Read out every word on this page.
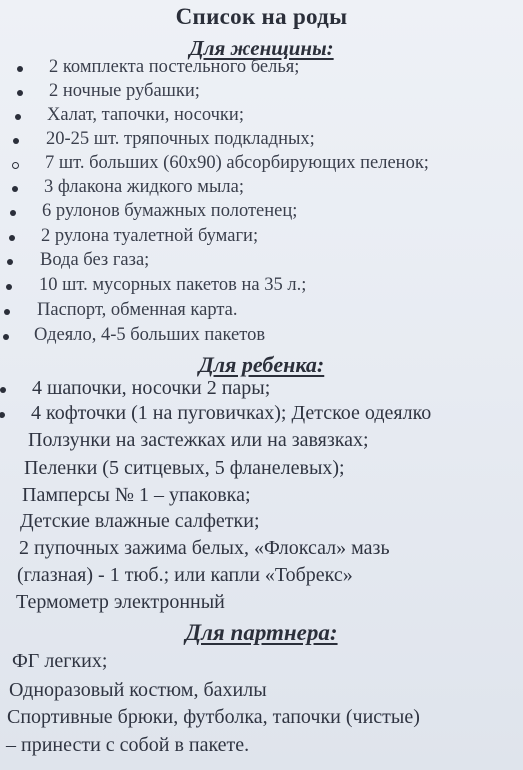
Список на роды
Для женщины:
2 комплекта постельного белья;
2 ночные рубашки;
Халат, тапочки, носочки;
20-25 шт. тряпочных подкладных;
7 шт. больших (60х90) абсорбирующих пеленок;
3 флакона жидкого мыла;
6 рулонов бумажных полотенец;
2 рулона туалетной бумаги;
Вода без газа;
10 шт. мусорных пакетов на 35 л.;
Паспорт, обменная карта.
Одеяло, 4-5 больших пакетов
Для ребенка:
4 шапочки, носочки 2 пары;
4 кофточки (1 на пуговичках); Детское одеялко
Ползунки на застежках или на завязках;
Пеленки (5 ситцевых, 5 фланелевых);
Памперсы № 1 – упаковка;
Детские влажные салфетки;
2 пупочных зажима белых, «Флоксал» мазь
(глазная) - 1 тюб.; или капли «Тобрекс»
Термометр электронный
Для партнера:
ФГ легких;
Одноразовый костюм, бахилы
Спортивные брюки, футболка, тапочки (чистые)
– принести с собой в пакете.
